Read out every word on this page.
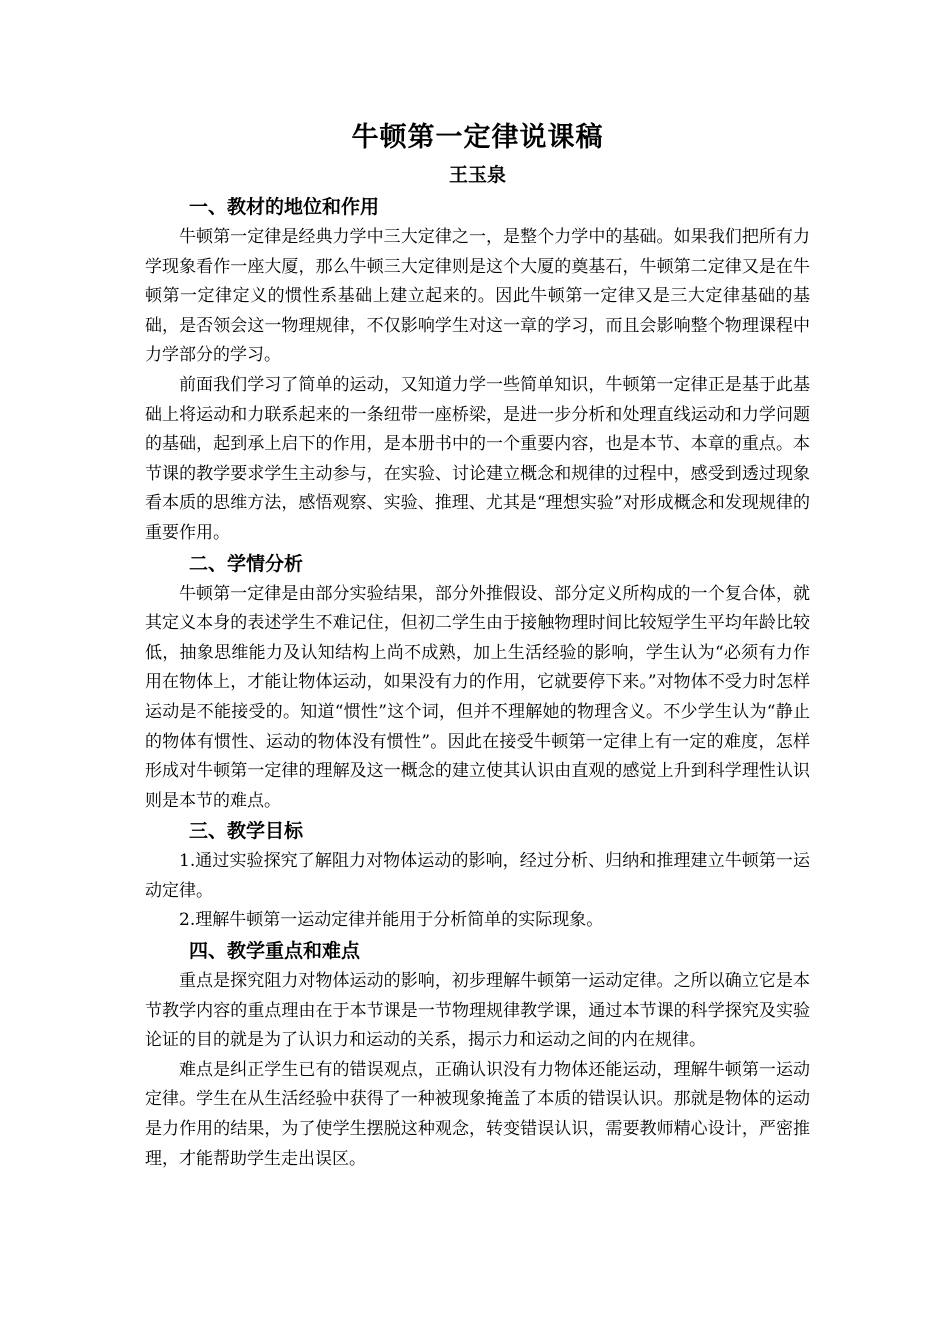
牛顿第一定律说课稿

王玉泉

一、教材的地位和作用

牛顿第一定律是经典力学中三大定律之一，是整个力学中的基础。如果我们把所有力学现象看作一座大厦，那么牛顿三大定律则是这个大厦的奠基石，牛顿第二定律又是在牛顿第一定律定义的惯性系基础上建立起来的。因此牛顿第一定律又是三大定律基础的基础，是否领会这一物理规律，不仅影响学生对这一章的学习，而且会影响整个物理课程中力学部分的学习。

前面我们学习了简单的运动，又知道力学一些简单知识，牛顿第一定律正是基于此基础上将运动和力联系起来的一条纽带一座桥梁，是进一步分析和处理直线运动和力学问题的基础，起到承上启下的作用，是本册书中的一个重要内容，也是本节、本章的重点。本节课的教学要求学生主动参与，在实验、讨论建立概念和规律的过程中，感受到透过现象看本质的思维方法，感悟观察、实验、推理、尤其是“理想实验”对形成概念和发现规律的重要作用。

二、学情分析

牛顿第一定律是由部分实验结果，部分外推假设、部分定义所构成的一个复合体，就其定义本身的表述学生不难记住，但初二学生由于接触物理时间比较短学生平均年龄比较低，抽象思维能力及认知结构上尚不成熟，加上生活经验的影响，学生认为“必须有力作用在物体上，才能让物体运动，如果没有力的作用，它就要停下来。”对物体不受力时怎样运动是不能接受的。知道“惯性”这个词，但并不理解她的物理含义。不少学生认为“静止的物体有惯性、运动的物体没有惯性”。因此在接受牛顿第一定律上有一定的难度，怎样形成对牛顿第一定律的理解及这一概念的建立使其认识由直观的感觉上升到科学理性认识则是本节的难点。

三、教学目标

1.通过实验探究了解阻力对物体运动的影响，经过分析、归纳和推理建立牛顿第一运动定律。

2.理解牛顿第一运动定律并能用于分析简单的实际现象。

四、教学重点和难点

重点是探究阻力对物体运动的影响，初步理解牛顿第一运动定律。之所以确立它是本节教学内容的重点理由在于本节课是一节物理规律教学课，通过本节课的科学探究及实验论证的目的就是为了认识力和运动的关系，揭示力和运动之间的内在规律。

难点是纠正学生已有的错误观点，正确认识没有力物体还能运动，理解牛顿第一运动定律。学生在从生活经验中获得了一种被现象掩盖了本质的错误认识。那就是物体的运动是力作用的结果，为了使学生摆脱这种观念，转变错误认识，需要教师精心设计，严密推理，才能帮助学生走出误区。
